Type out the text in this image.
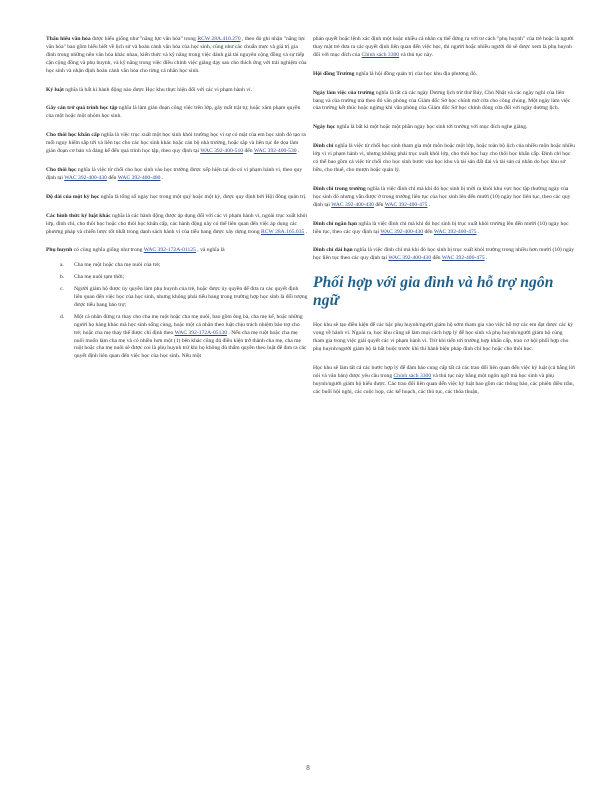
Thẩu hiểu văn hóa được hiểu giống như "năng lực văn hóa" trong RCW 28A.410.270 , theo đó ghi nhận "năng lực văn hóa" bao gồm hiểu biết về lịch sử và hoàn cảnh văn hóa của học sinh, cũng như các chuẩn mực và giá trị gia đình trong những nền văn hóa khác nhau, kiến thức và kỹ năng trong việc đánh giá tài nguyên cộng đồng và sự tiếp cận cộng đồng và phụ huynh, và kỹ năng trong việc điều chỉnh việc giảng dạy sao cho thích ứng với trải nghiệm của học sinh và nhận định hoàn cảnh văn hóa cho từng cá nhân học sinh.

Kỷ luật nghĩa là bất kì hành động nào được Học khu thực hiện đối với các vi phạm hành vi.

Gây cản trở quá trình học tập nghĩa là làm gián đoạn công việc trên lớp, gây mất trật tự, hoặc xâm phạm quyền của một hoặc một nhóm học sinh.

Cho thôi học khẩn cấp nghĩa là việc trục xuất một học sinh khỏi trường học vì sự có mặt của em học sinh đó tạo ra mối nguy hiểm sắp tới và liên tục cho các học sinh khác hoặc cán bộ nhà trường, hoặc sắp và liên tục đe dọa làm gián đoạn cơ bản và đáng kể đến quá trình học tập, theo quy định tại WAC 392-400-510 đến WAC 392-400-530 .

Cho thôi học nghĩa là việc từ chối cho học sinh vào học trường được xếp hiện tại do có vi phạm hành vi, theo quy định tại WAC 392-400-430 đến WAC 392-400-480 .

Độ dài của một kỳ học nghĩa là tổng số ngày học trong một quý hoặc một kỳ, được quy định bởi Hội đồng quản trị.

Các hình thức kỷ luật khác nghĩa là các hành động được áp dụng đối với các vi phạm hành vi, ngoài trục xuất khỏi lớp, đình chỉ, cho thôi học hoặc cho thôi học khẩn cấp, các hành động này có thể liên quan đến việc áp dụng các phương pháp và chiến lược tốt nhất trong danh sách hành vi của tiểu bang được xây dựng trong RCW 28A.165.035 .

Phụ huynh có cùng nghĩa giống như trong WAC 392-172A-01125 , và nghĩa là

a. Cha mẹ ruột hoặc cha mẹ nuôi của trẻ;
b. Cha mẹ nuôi tạm thời;
c. Người giám hộ được ủy quyền làm phụ huynh của trẻ, hoặc được ủy quyền để đưa ra các quyết định liên quan đến việc học của học sinh, nhưng không phải tiểu bang trong trường hợp học sinh là đối tượng được tiểu bang bảo trợ;
d. Một cá nhân đứng ra thay cho cha mẹ ruột hoặc cha mẹ nuôi, bao gồm ông bà, cha mẹ kế, hoặc những người họ hàng khác mà học sinh sống cùng, hoặc một cá nhân theo luật chịu trách nhiệm bảo trợ cho trẻ; hoặc cha mẹ thay thế được chỉ định theo WAC 392-172A-05130 . Nếu cha mẹ ruột hoặc cha mẹ nuôi muốn làm cha mẹ và có nhiều hơn một (1) bên khác cũng đủ điều kiện trở thành cha mẹ, cha mẹ ruột hoặc cha mẹ nuôi sẽ được coi là phụ huynh trừ khi họ không đủ thẩm quyền theo luật để đưa ra các quyết định liên quan đến việc học của học sinh. Nếu một

phán quyết hoặc lệnh xác định một hoặc nhiều cá nhân cụ thể đứng ra với tư cách "phụ huynh" của trẻ hoặc là người thay mặt trẻ đưa ra các quyết định liên quan đến việc học, thì người hoặc nhiều người đó sẽ được xem là phụ huynh đối với mục đích của Chính sách 3300 và thủ tục này.

Hội đồng Trường nghĩa là hội đồng quản trị của học khu địa phương đó.

Ngày làm việc của trường nghĩa là tất cả các ngày Dương lịch trừ thứ Bảy, Chủ Nhật và các ngày nghỉ của liên bang và của trường mà theo đó văn phòng của Giám đốc Sở học chính mở cửa cho công chúng. Một ngày làm việc của trường kết thúc hoặc ngừng khi văn phòng của Giám đốc Sở học chính đóng cửa đối với ngày dương lịch.

Ngày học nghĩa là bất kì một hoặc một phần ngày học sinh tới trường với mục đích nghe giảng.

Đình chỉ nghĩa là việc từ chối học sinh tham gia một môn hoặc một lớp, hoặc toàn bộ lịch của nhiều môn hoặc nhiều lớp vì vi phạm hành vi, nhưng không phải trục xuất khỏi lớp, cho thôi học hay cho thôi học khẩn cấp. Đình chỉ học có thể bao gồm cả việc từ chối cho học sinh bước vào học khu và tài sản đất đai và tài sản cá nhân do học khu sở hữu, cho thuê, cho mượn hoặc quản lý.

Đình chỉ trong trường nghĩa là việc đình chỉ mà khi đó học sinh bị mời ra khỏi khu vực học tập thường ngày của học sinh đó nhưng vẫn được ở trong trường liên tục của học sinh lên đến mười (10) ngày học liên tục, theo các quy định tại WAC 392-400-430 đến WAC 392-400-475 .

Đình chỉ ngắn hạn nghĩa là việc đình chỉ mà khi đó học sinh bị trục xuất khỏi trường lên đến mười (10) ngày học liên tục, theo các quy định tại WAC 392-400-430 đến WAC 392-400-475 .

Đình chỉ dài hạn nghĩa là việc đình chỉ mà khi đó học sinh bị trục xuất khỏi trường trong nhiều hơn mười (10) ngày học liên tục theo các quy định tại WAC 392-400-430 đến WAC 392-400-475 .

Phối hợp với gia đình và hỗ trợ ngôn ngữ

Học khu sẽ tạo điều kiện để các bậc phụ huynh/người giám hộ sớm tham gia vào việc hỗ trợ các em đạt được các kỳ vọng về hành vi. Ngoài ra, học khu cũng sẽ làm mọi cách hợp lý để học sinh và phụ huynh/người giám hộ cùng tham gia trong việc giải quyết các vi phạm hành vi. Trừ khi tiến tới trường hợp khẩn cấp, trao cơ hội phối hợp cho phụ huynh/người giám hộ là bắt buộc trước khi thi hành biện pháp đình chỉ học hoặc cho thôi học.

Học khu sẽ làm tất cả các bước hợp lý để đảm bảo cung cấp tất cả các trao đổi liên quan đến việc kỷ luật (cả bằng lời nói và văn bản) được yêu cầu trong Chính sách 3300 và thủ tục này bằng một ngôn ngữ mà học sinh và phụ huynh/người giám hộ hiểu được. Các trao đổi liên quan đến việc kỷ luật bao gồm các thông báo, các phiên điều trần, các buổi hội nghị, các cuộc họp, các kế hoạch, các thủ tục, các thỏa thuận,

8
